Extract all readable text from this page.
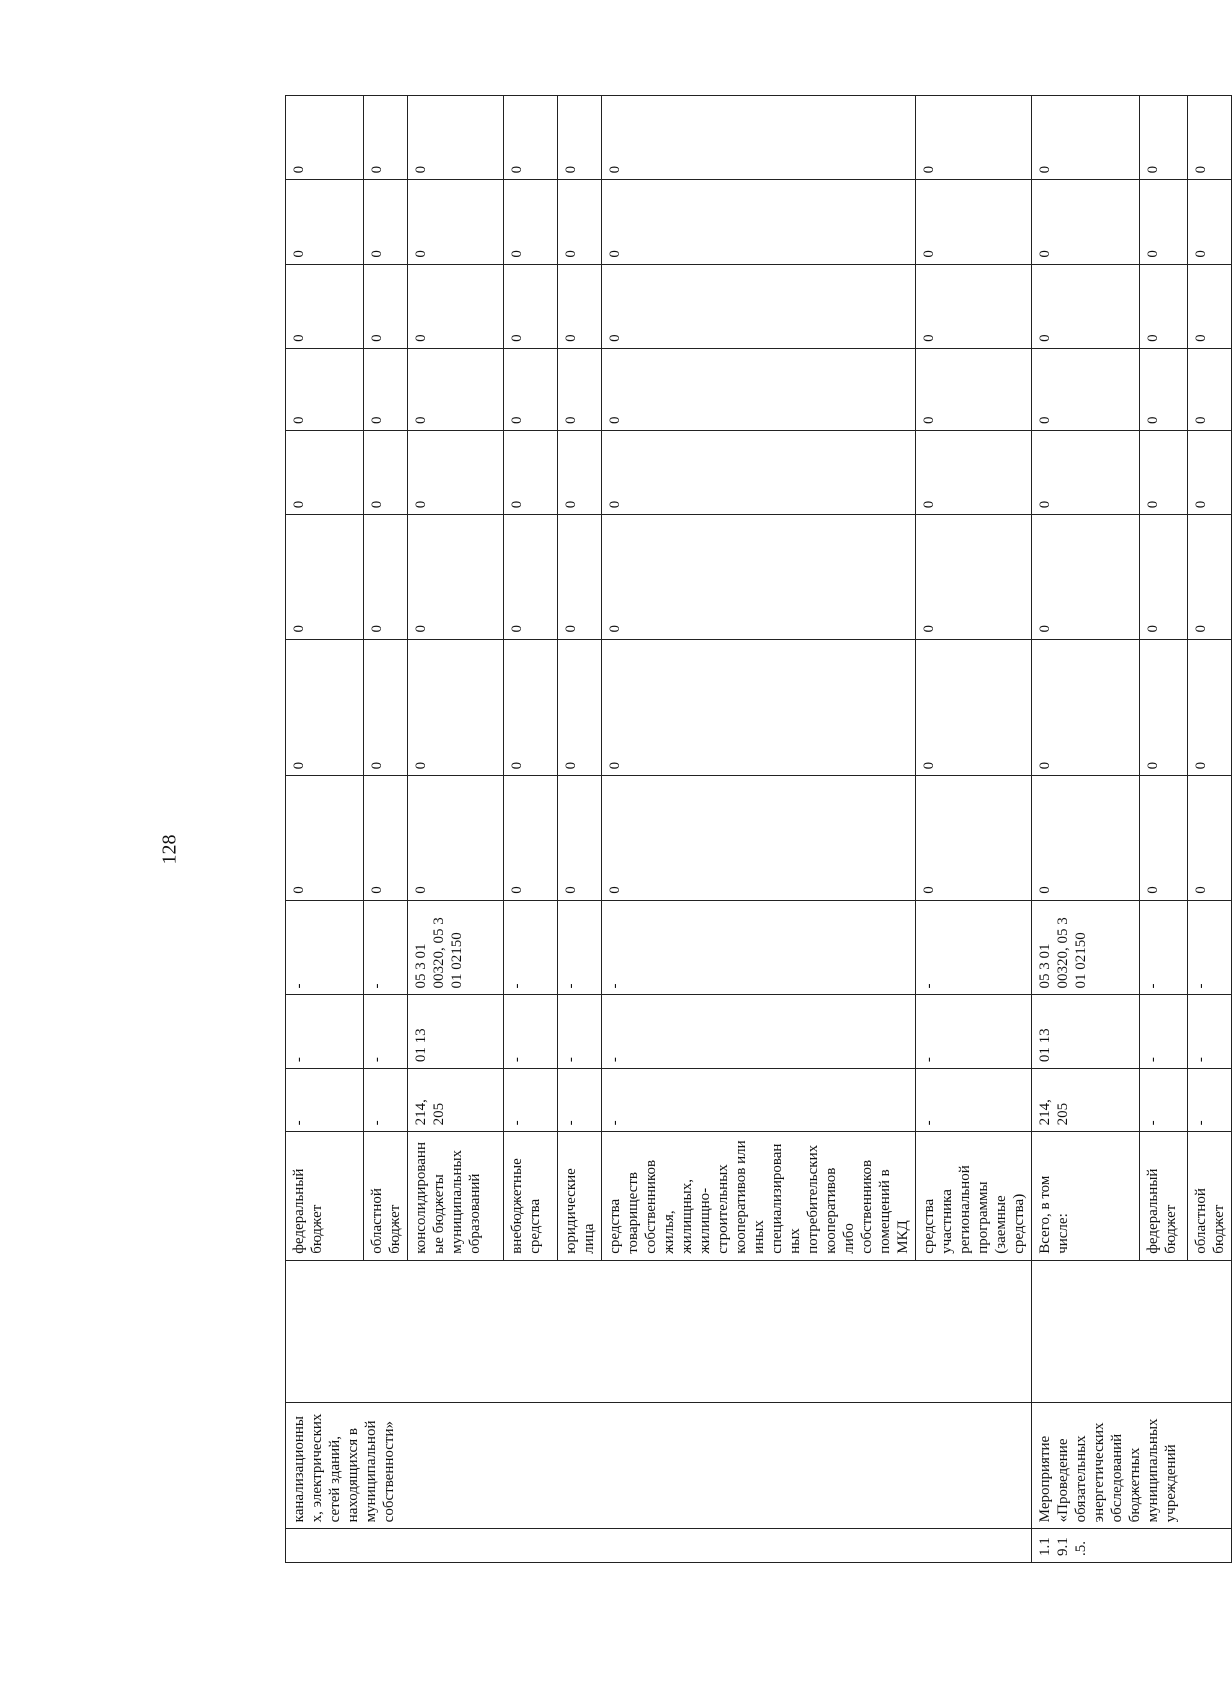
128
	канализационных, электрических сетей зданий, находящихся в муниципальной собственности»		федеральный бюджет	-	-	-	0	0	0	0	0	0	0	0
			областной бюджет	-	-	-	0	0	0	0	0	0	0	0
			консолидированные бюджеты муниципальных образований	214, 205	01 13	05 3 01 00320, 05 3 01 02150	0	0	0	0	0	0	0	0
			внебюджетные средства	-	-	-	0	0	0	0	0	0	0	0
			юридические лица	-	-	-	0	0	0	0	0	0	0	0
			средства товариществ собственников жилья, жилищных, жилищно-строительных кооперативов или иных специализированных потребительских кооперативов либо собственников помещений в МКД	-	-	-	0	0	0	0	0	0	0	0
			средства участника региональной программы (заемные средства)	-	-	-	0	0	0	0	0	0	0	0
1.19.1.5.	Мероприятие «Проведение обязательных энергетических обследований бюджетных муниципальных учреждений		Всего, в том числе:	214, 205	01 13	05 3 01 00320, 05 3 01 02150	0	0	0	0	0	0	0	0
			федеральный бюджет	-	-	-	0	0	0	0	0	0	0	0
			областной бюджет	-	-	-	0	0	0	0	0	0	0	0
